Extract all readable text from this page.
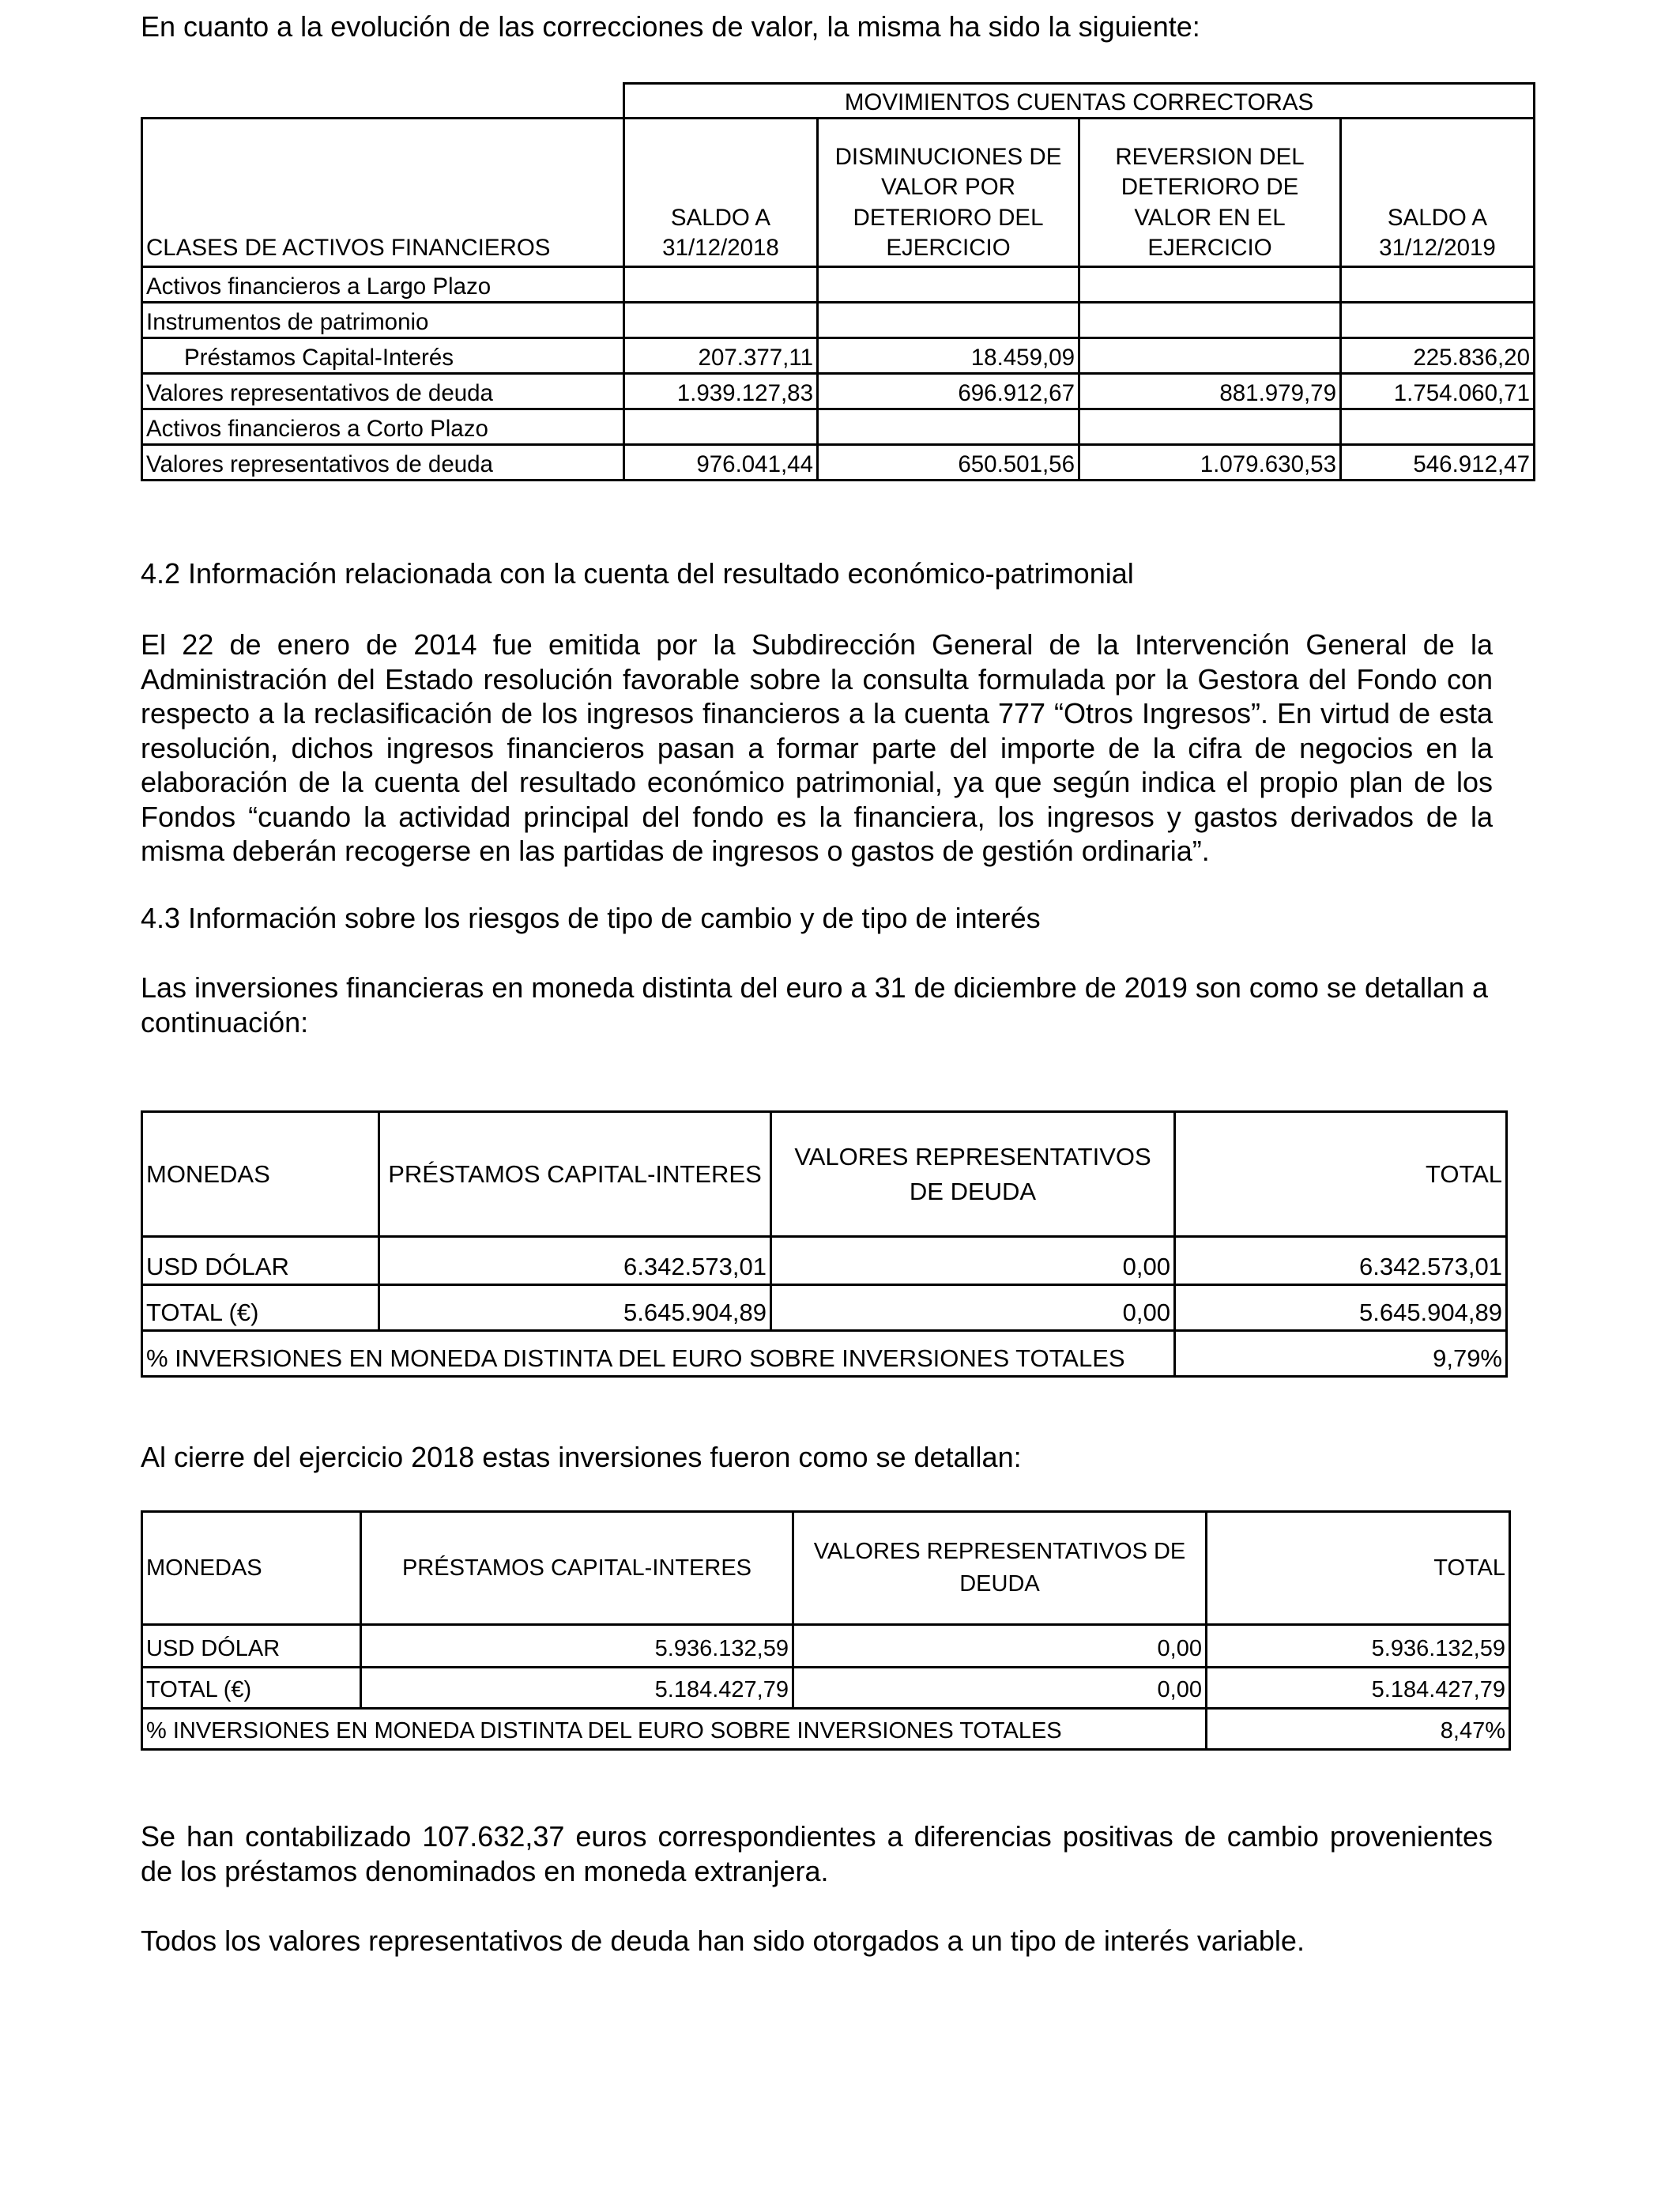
En cuanto a la evolución de las correcciones de valor, la misma ha sido la siguiente:

	MOVIMIENTOS CUENTAS CORRECTORAS			
CLASES DE ACTIVOS FINANCIEROS	SALDO A 31/12/2018	DISMINUCIONES DE VALOR POR DETERIORO DEL EJERCICIO	REVERSION DEL DETERIORO DE VALOR EN EL EJERCICIO	SALDO A 31/12/2019
Activos financieros a Largo Plazo				
Instrumentos de patrimonio				
Préstamos Capital-Interés	207.377,11	18.459,09		225.836,20
Valores representativos de deuda	1.939.127,83	696.912,67	881.979,79	1.754.060,71
Activos financieros a Corto Plazo				
Valores representativos de deuda	976.041,44	650.501,56	1.079.630,53	546.912,47

4.2 Información relacionada con la cuenta del resultado económico-patrimonial

El 22 de enero de 2014 fue emitida por la Subdirección General de la Intervención General de la Administración del Estado resolución favorable sobre la consulta formulada por la Gestora del Fondo con respecto a la reclasificación de los ingresos financieros a la cuenta 777 “Otros Ingresos”. En virtud de esta resolución, dichos ingresos financieros pasan a formar parte del importe de la cifra de negocios en la elaboración de la cuenta del resultado económico patrimonial, ya que según indica el propio plan de los Fondos “cuando la actividad principal del fondo es la financiera, los ingresos y gastos derivados de la misma deberán recogerse en las partidas de ingresos o gastos de gestión ordinaria”.

4.3 Información sobre los riesgos de tipo de cambio y de tipo de interés

Las inversiones financieras en moneda distinta del euro a 31 de diciembre de 2019 son como se detallan a continuación:

MONEDAS	PRÉSTAMOS CAPITAL-INTERES	VALORES REPRESENTATIVOS DE DEUDA	TOTAL
USD DÓLAR	6.342.573,01	0,00	6.342.573,01
TOTAL (€)	5.645.904,89	0,00	5.645.904,89
% INVERSIONES EN MONEDA DISTINTA DEL EURO SOBRE INVERSIONES TOTALES			9,79%

Al cierre del ejercicio 2018 estas inversiones fueron como se detallan:

MONEDAS	PRÉSTAMOS CAPITAL-INTERES	VALORES REPRESENTATIVOS DE DEUDA	TOTAL
USD DÓLAR	5.936.132,59	0,00	5.936.132,59
TOTAL (€)	5.184.427,79	0,00	5.184.427,79
% INVERSIONES EN MONEDA DISTINTA DEL EURO SOBRE INVERSIONES TOTALES			8,47%

Se han contabilizado 107.632,37 euros correspondientes a diferencias positivas de cambio provenientes de los préstamos denominados en moneda extranjera.

Todos los valores representativos de deuda han sido otorgados a un tipo de interés variable.
